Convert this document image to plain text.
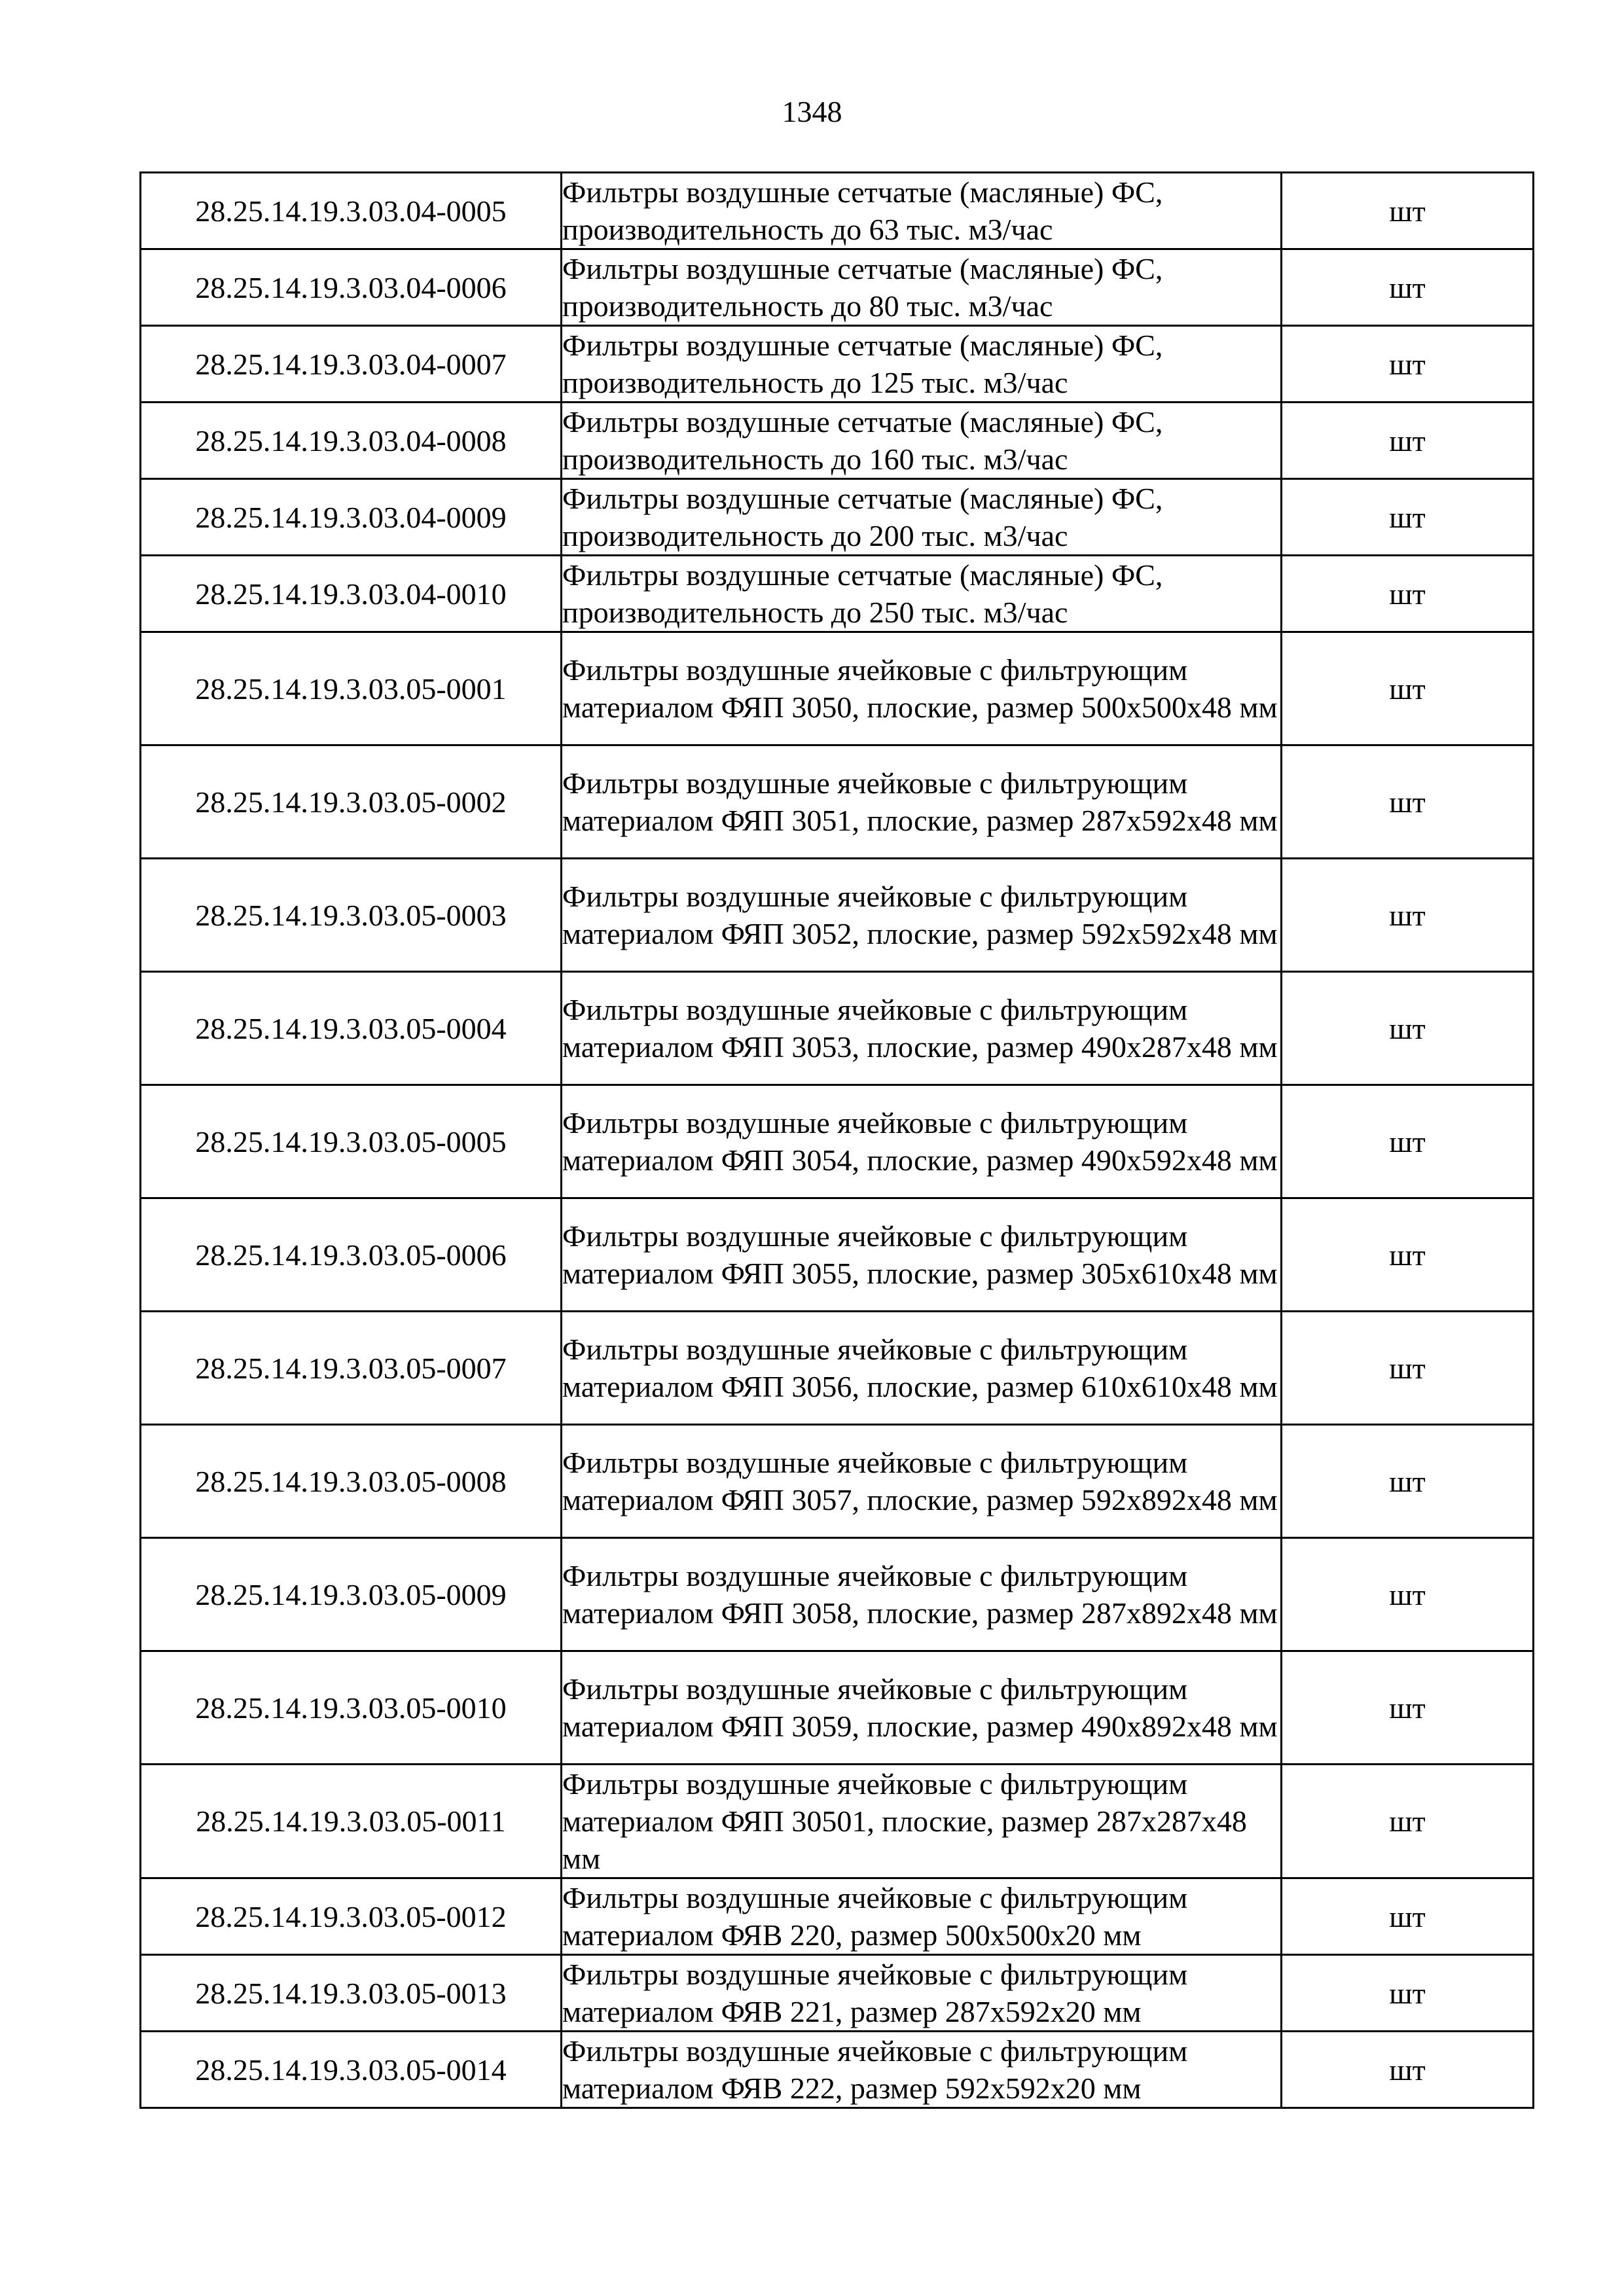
1348
28.25.14.19.3.03.04-0005	Фильтры воздушные сетчатые (масляные) ФС, производительность до 63 тыс. м3/час	шт
28.25.14.19.3.03.04-0006	Фильтры воздушные сетчатые (масляные) ФС, производительность до 80 тыс. м3/час	шт
28.25.14.19.3.03.04-0007	Фильтры воздушные сетчатые (масляные) ФС, производительность до 125 тыс. м3/час	шт
28.25.14.19.3.03.04-0008	Фильтры воздушные сетчатые (масляные) ФС, производительность до 160 тыс. м3/час	шт
28.25.14.19.3.03.04-0009	Фильтры воздушные сетчатые (масляные) ФС, производительность до 200 тыс. м3/час	шт
28.25.14.19.3.03.04-0010	Фильтры воздушные сетчатые (масляные) ФС, производительность до 250 тыс. м3/час	шт
28.25.14.19.3.03.05-0001	Фильтры воздушные ячейковые с фильтрующим материалом ФЯП 3050, плоские, размер 500х500х48 мм	шт
28.25.14.19.3.03.05-0002	Фильтры воздушные ячейковые с фильтрующим материалом ФЯП 3051, плоские, размер 287х592х48 мм	шт
28.25.14.19.3.03.05-0003	Фильтры воздушные ячейковые с фильтрующим материалом ФЯП 3052, плоские, размер 592х592х48 мм	шт
28.25.14.19.3.03.05-0004	Фильтры воздушные ячейковые с фильтрующим материалом ФЯП 3053, плоские, размер 490х287х48 мм	шт
28.25.14.19.3.03.05-0005	Фильтры воздушные ячейковые с фильтрующим материалом ФЯП 3054, плоские, размер 490х592х48 мм	шт
28.25.14.19.3.03.05-0006	Фильтры воздушные ячейковые с фильтрующим материалом ФЯП 3055, плоские, размер 305х610х48 мм	шт
28.25.14.19.3.03.05-0007	Фильтры воздушные ячейковые с фильтрующим материалом ФЯП 3056, плоские, размер 610х610х48 мм	шт
28.25.14.19.3.03.05-0008	Фильтры воздушные ячейковые с фильтрующим материалом ФЯП 3057, плоские, размер 592х892х48 мм	шт
28.25.14.19.3.03.05-0009	Фильтры воздушные ячейковые с фильтрующим материалом ФЯП 3058, плоские, размер 287х892х48 мм	шт
28.25.14.19.3.03.05-0010	Фильтры воздушные ячейковые с фильтрующим материалом ФЯП 3059, плоские, размер 490х892х48 мм	шт
28.25.14.19.3.03.05-0011	Фильтры воздушные ячейковые с фильтрующим материалом ФЯП 30501, плоские, размер 287х287х48 мм	шт
28.25.14.19.3.03.05-0012	Фильтры воздушные ячейковые с фильтрующим материалом ФЯВ 220, размер 500х500х20 мм	шт
28.25.14.19.3.03.05-0013	Фильтры воздушные ячейковые с фильтрующим материалом ФЯВ 221, размер 287х592х20 мм	шт
28.25.14.19.3.03.05-0014	Фильтры воздушные ячейковые с фильтрующим материалом ФЯВ 222, размер 592х592х20 мм	шт
